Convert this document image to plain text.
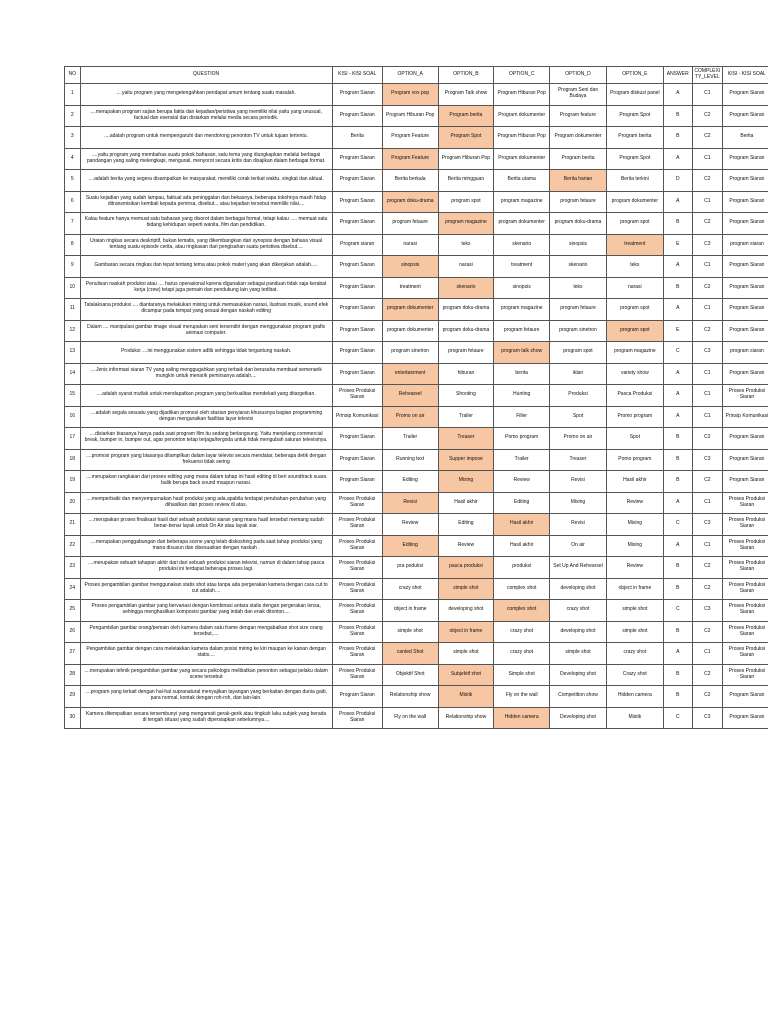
NO	QUESTION	KISI - KISI SOAL	OPTION_A	OPTION_B	OPTION_C	OPTION_D	OPTION_E	ANSWER	COMPLEXITY_LEVEL	KISI - KISI SOAL
1	....yaitu program yang mengetengahkan pendapat umum tentang suatu masalah.	Program Siaran	Program vox pop	Program Talk show	Program Hiburan Pop	Program Seni dan Budaya	Program diskusi panel	A	C1	Program Siaran
2	....merupakan program sajian berupa fakta dan kejadian/peristiwa yang memiliki nilai yaitu yang unusual, factual dan esensial dan disiarkan melalui media secara periodik.	Program Siaran	Program Hiburan Pop	Program berita	Program dokumenter	Program feature	Program Spot	B	C2	Program Siaran
3	....adalah program untuk mempengaruhi dan mendorong penonton TV untuk tujuan tertentu.	Berita	Program Feature	Program Spot	Program Hiburan Pop	Program dokumenter	Program berita	B	C2	Berita
4	....yaitu program yang membahas suatu pokok bahasan, satu tema yang diungkapkan melalui berbagai pandangan yang saling melengkapi, menguraii, menyorot secara kritis dan disajikan dalam berbagai format.	Program Siaran	Program Feature	Program Hiburan Pop	Program dokumenter	Program berita	Program Spot	A	C1	Program Siaran
5	....adalah berita yang segera disampaikan ke masyarakat, memiliki corak terikat waktu, singkat dan aktual.	Program Siaran	Berita berkala	Berita mingguan	Berita utama	Berita harian	Berita terkini	D	C2	Program Siaran
6	Suatu kejadian yang sudah lampau, faktual ada peninggalan dan bekasnya, beberapa tokohnya masih hidup ditransmisikan kembali kepada pemirsa, disebut... atau kejadian tersebut memiliki nilai....	Program Siaran	program doku-drama	program spot	program magazine	program fetaure	program dokumenter	A	C1	Program Siaran
7	Kalau feature hanya memuat satu bahasan yang disorot dalam berbagai format, tetapi kalau ..... memuat satu bidang kehidupan seperti wanita, film dan pendidikan.	Program Siaran	program fetaure	program magazine	program dokumenter	program doku-drama	program spot	B	C2	Program Siaran
8	Uraian ringkas secara deskriptif, bukan tematis, yang dikembangkan dari synopsis dengan bahasa visual tentang suatu episode cerita, atau ringkasan dari pengisahan suatu peristiwa disebut....	Program siaran	narasi	teks	skenario	sinopsis	treatment	E	C3	program siaran
9	Gambaran secara ringkas dan tepat tentang tema atau pokok materi yang akan dikerjakan adalah.....	Program Siaran	sinopsis	narasi	treatment	skenario	teks	A	C1	Program Siaran
10	Penulisan naskah produksi atau .... harus operasional karena digunakan sebagai panduan tidak saja kerabat kerja (crew) tetapi juga pemain dan pendukung lain yang terlibat.	Program Siaran	treatment	skenario	sinopsis	teks	narasi	B	C2	Program Siaran
11	Tatalaksana produksi .... diantaranya melakukan mixing untuk memasukkan narasi, ilustrasi musik, sound efek dicampur pada tempat yang sesuai dengan naskah editing	Program Siaran	program dokumenter	program doku-drama	program magazine	program fetaure	program spot	A	C1	Program Siaran
12	Dalam .... manipulasi gambar image visual merupakan seni tersendiri dengan menggunakan program grafis animasi computer.	Program Siaran	program dokumenter	program doku-drama	program fetaure	program sinetron	program spot	E	C2	Program Siaran
13	Produksi ....ini menggunakan sistem adlib sehingga tidak tergantung naskah.	Program Siaran	program sinetron	program fetaure	program talk show	program spot	program magazine	C	C3	program siaran
14	....Jenis informasi siaran TV yang saling menggugahkan yang terbaik dan berusaha membuat semenarik mungkin untuk menarik pemirsanya adalah....	Program Siaran	entertainment	hiburan	berita	iklan	variety show	A	C1	Program Siaran
15	....adalah syarat mutlak untuk mendapatkan program yang berkualitas mendekati yang ditargetkan.	Proses Produksi Siaran	Rehearsel	Shooting	Hunting	Produksi	Pasca Produksi	A	C1	Proses Produksi Siaran
16	....adalah segala sesuatu yang dijadikan promosi oleh stasiun penyiaran khususnya bagian programming dengan menguraikan fasilitas layar televisi	Prinsip Komunikasi	Promo on air	Trailer	Filler	Spot	Promo program	A	C1	Prinsip Komunikasi
17	....disiarkan biasanya hanya pada saat program film itu sedang berlangsung. Yaitu menjelang commercial break, bumper in, bumper out, agar penonton tetap terjaga/tergoda untuk tidak mengubah saluran televisinya.	Program Siaran	Trailer	Treaser	Pomo program	Promo on air	Spot	B	C2	Program Siaran
18	....promosi program yang biasanya ditampilkan dalam layar televisi secara mendatar, beberapa detik dengan frekuensi tidak sering	Program Siaran	Running text	Supper impose	Trailer	Treaser	Pomo program	B	C3	Program Siaran
19	....merupakan rangkaian dari proses editing yang mana dalam tahap ini hasil editing di beri soundtrack suara balik berupa back sound maupun narasi.	Program Siaran	Editing	Mixing	Review	Revisi	Hasil akhir	B	C2	Program Siaran
20	....memperbaiki dan menyempurnakan hasil produksi yang ada,apabila terdapat perubahan-perubahan yang dihasilkan dari proses review di atas.	Proses Produksi Siaran	Revisi	Hasil akhir	Editing	Mixing	Review	A	C1	Proses Produksi Siaran
21	....merupakan proses finalisasi hasil dari sebuah produksi siaran yang mana hasil tersebut memang sudah benar-benar layak untuk On Air atau layak siar.	Proses Produksi Siaran	Review	Editing	Hasil akhir	Revisi	Mixing	C	C3	Proses Produksi Siaran
22	....merupakan penggabungan dari beberapa scene yang telah diskoshing pada saat tahap produksi yang mana disusun dan disesuaikan dengan naskah .	Proses Produksi Siaran	Editing	Review	Hasil akhir	On air	Mixing	A	C1	Proses Produksi Siaran
23	....merupakan sebuah tahapan akhir dari dari sebuah produksi siaran televisi, namun di dalam tahap pasca produksi ini terdapat beberapa proses lagi.	Proses Produksi Siaran	pra poduksi	pasca produksi	produksi	Set Up And Rehearsel	Review	B	C2	Proses Produksi Siaran
24	Proses pengambilan gambar menggunakan statis shot atau tanpa ada pergerakan kamera dengan cara cut to cut adalah....	Proses Produksi Siaran	crazy shot	simple shot	complex shot	developing shot	object in frame	B	C2	Proses Produksi Siaran
25	Proses pengambilan gambar yang bervariasi dengan kombinasi antara statis dengan pergerakan lensa, sehingga menghasilkan komposisi gambar yang indah dan enak ditonton....	Proses Produksi Siaran	object in frame	developing shot	complex shot	crazy shot	simple shot	C	C3	Proses Produksi Siaran
26	Pengambilan gambar orang/pemain oleh kamera dalam satu frame dengan mengabaikan shot size orang tersebut,....	Proses Produksi Siaran	simple shot	object in frame	crazy shot	developing shot	simple shot	B	C2	Proses Produksi Siaran
27	Pengambilan gambar dengan cara meletakkan kamera dalam posisi miring ke kiri maupun ke kanan dengan statis....	Proses Produksi Siaran	canted Shot	simple shot	crazy shot	simple shot	crazy shot	A	C1	Proses Produksi Siaran
28	....merupakan tehnik pengambilan gambar yang secara psikologis melibatkan penonton sebagai pelaku dalam scene tersebut	Proses Produksi Siaran	Objektif Shot	Subjektif shot	Simple shot	Developing shot	Crazy shot	B	C2	Proses Produksi Siaran
29	....program yang terkait dengan hal-hal supranatural menyajikan tayangan yang berkaitan dengan dunia gaib, para normal, kontak dengan roh-roh, dan lain-lain.	Program Siaran	Relationship show	Mistik	Fly on the wall	Competition show	Hidden camera	B	C2	Program Siaran
30	Kamera ditempatkan secara tersembunyi yang mengamati gerak-gerik atau tingkah laku subjek yang berada di tengah situasi yang sudah dipersiapkan sebelumnya....	Proses Produksi Siaran	Fly on the wall	Relationship show	Hidden camera	Developing shot	Mistik	C	C3	Program Siaran
